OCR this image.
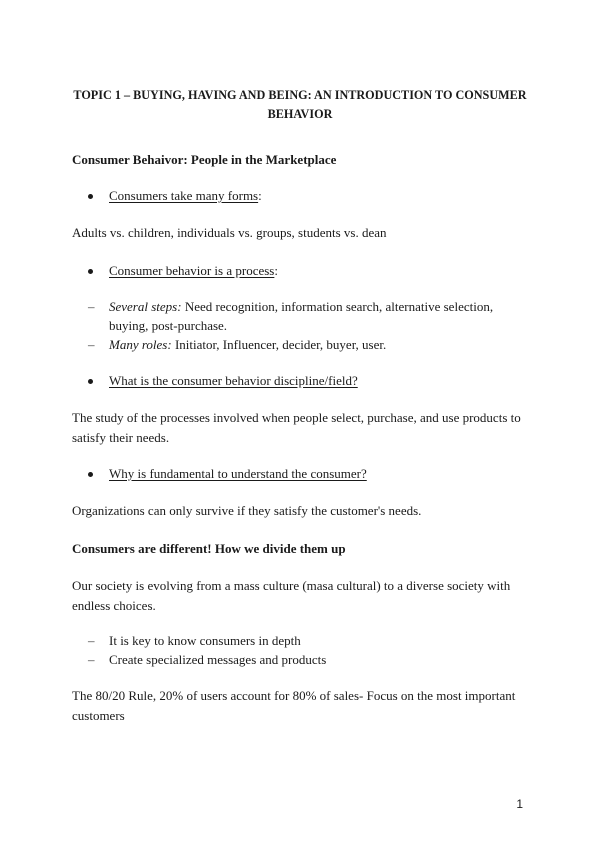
TOPIC 1 – BUYING, HAVING AND BEING: AN INTRODUCTION TO CONSUMER BEHAVIOR
Consumer Behaivor: People in the Marketplace
Consumers take many forms:
Adults vs. children, individuals vs. groups, students vs. dean
Consumer behavior is a process:
– Several steps: Need recognition, information search, alternative selection, buying, post-purchase.
– Many roles: Initiator, Influencer, decider, buyer, user.
What is the consumer behavior discipline/field?
The study of the processes involved when people select, purchase, and use products to satisfy their needs.
Why is fundamental to understand the consumer?
Organizations can only survive if they satisfy the customer's needs.
Consumers are different! How we divide them up
Our society is evolving from a mass culture (masa cultural) to a diverse society with endless choices.
– It is key to know consumers in depth
– Create specialized messages and products
The 80/20 Rule, 20% of users account for 80% of sales- Focus on the most important customers
1
